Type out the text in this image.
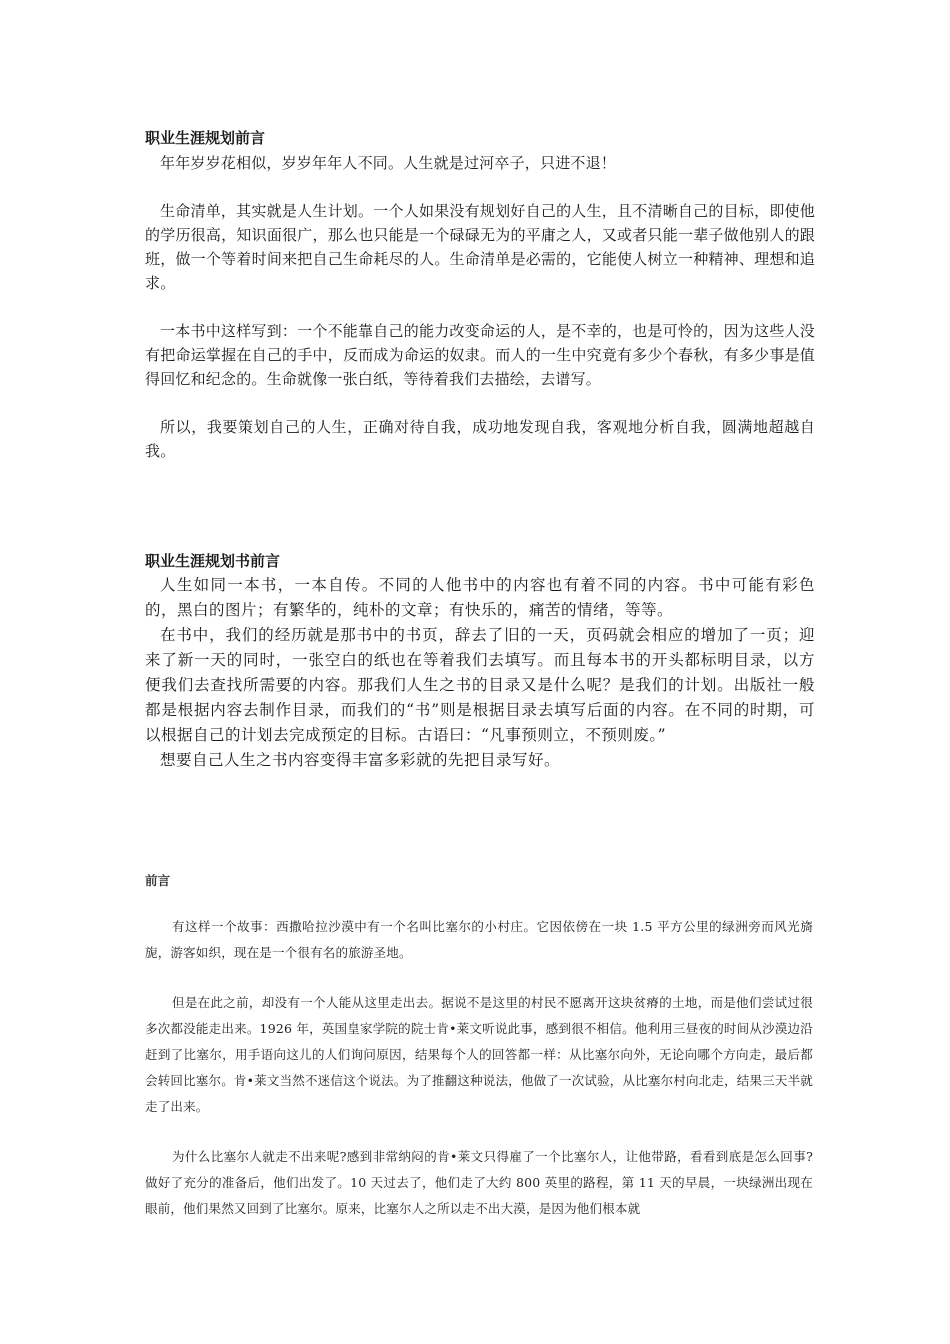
职业生涯规划前言

年年岁岁花相似，岁岁年年人不同。人生就是过河卒子，只进不退！

生命清单，其实就是人生计划。一个人如果没有规划好自己的人生，且不清晰自己的目标，即使他的学历很高，知识面很广，那么也只能是一个碌碌无为的平庸之人，又或者只能一辈子做他别人的跟班，做一个等着时间来把自己生命耗尽的人。生命清单是必需的，它能使人树立一种精神、理想和追求。

一本书中这样写到：一个不能靠自己的能力改变命运的人，是不幸的，也是可怜的，因为这些人没有把命运掌握在自己的手中，反而成为命运的奴隶。而人的一生中究竟有多少个春秋，有多少事是值得回忆和纪念的。生命就像一张白纸，等待着我们去描绘，去谱写。

所以，我要策划自己的人生，正确对待自我，成功地发现自我，客观地分析自我，圆满地超越自我。

职业生涯规划书前言

人生如同一本书，一本自传。不同的人他书中的内容也有着不同的内容。书中可能有彩色的，黑白的图片；有繁华的，纯朴的文章；有快乐的，痛苦的情绪，等等。

在书中，我们的经历就是那书中的书页，辞去了旧的一天，页码就会相应的增加了一页；迎来了新一天的同时，一张空白的纸也在等着我们去填写。而且每本书的开头都标明目录，以方便我们去查找所需要的内容。那我们人生之书的目录又是什么呢？是我们的计划。出版社一般都是根据内容去制作目录，而我们的“书”则是根据目录去填写后面的内容。在不同的时期，可以根据自己的计划去完成预定的目标。古语曰：“凡事预则立，不预则废。”

想要自己人生之书内容变得丰富多彩就的先把目录写好。

前言

有这样一个故事：西撒哈拉沙漠中有一个名叫比塞尔的小村庄。它因依傍在一块 1.5 平方公里的绿洲旁而风光旖旎，游客如织，现在是一个很有名的旅游圣地。

但是在此之前，却没有一个人能从这里走出去。据说不是这里的村民不愿离开这块贫瘠的土地，而是他们尝试过很多次都没能走出来。1926 年，英国皇家学院的院士肯•莱文听说此事，感到很不相信。他利用三昼夜的时间从沙漠边沿赶到了比塞尔，用手语向这儿的人们询问原因，结果每个人的回答都一样：从比塞尔向外，无论向哪个方向走，最后都会转回比塞尔。肯•莱文当然不迷信这个说法。为了推翻这种说法，他做了一次试验，从比塞尔村向北走，结果三天半就走了出来。

为什么比塞尔人就走不出来呢?感到非常纳闷的肯•莱文只得雇了一个比塞尔人，让他带路，看看到底是怎么回事?做好了充分的准备后，他们出发了。10 天过去了，他们走了大约 800 英里的路程，第 11 天的早晨，一块绿洲出现在眼前，他们果然又回到了比塞尔。原来，比塞尔人之所以走不出大漠，是因为他们根本就
